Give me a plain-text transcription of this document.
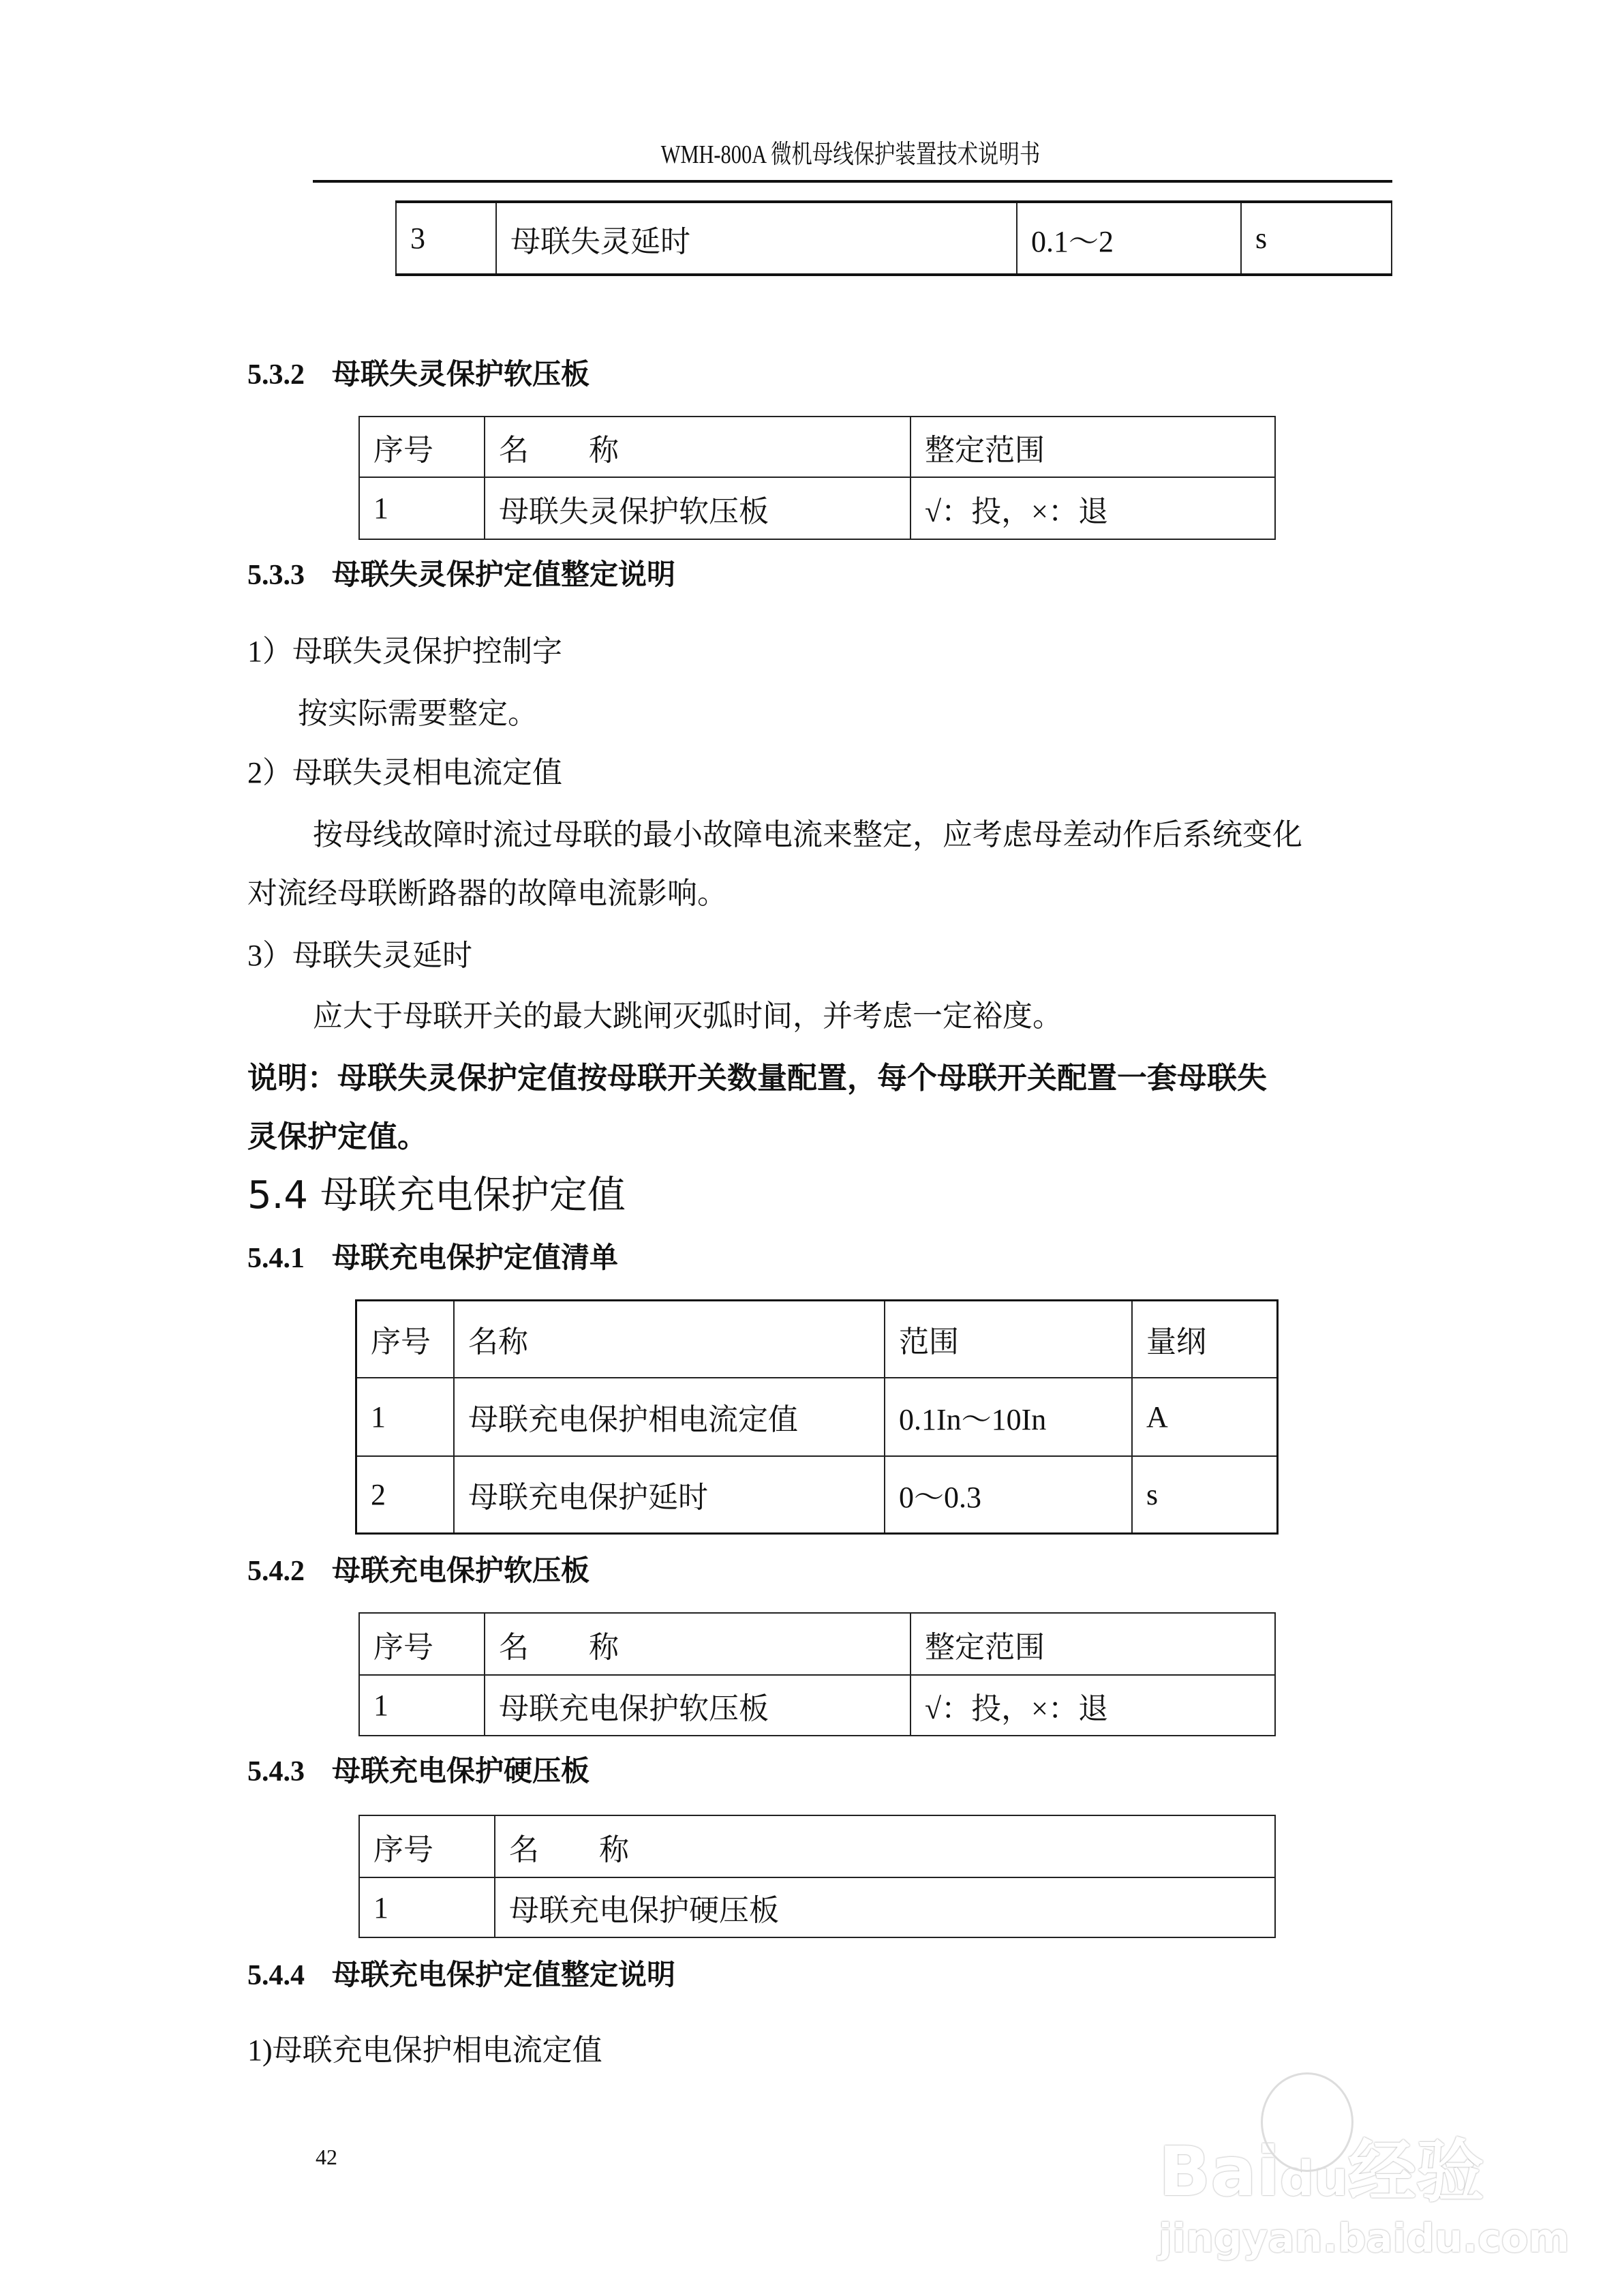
WMH-800A 微机母线保护装置技术说明书
3	母联失灵延时	0.1～2	s
5.3.2 母联失灵保护软压板
序号	名　　称	整定范围
1	母联失灵保护软压板	√：投，×：退
5.3.3 母联失灵保护定值整定说明
1）母联失灵保护控制字
按实际需要整定。
2）母联失灵相电流定值
按母线故障时流过母联的最小故障电流来整定，应考虑母差动作后系统变化
对流经母联断路器的故障电流影响。
3）母联失灵延时
应大于母联开关的最大跳闸灭弧时间，并考虑一定裕度。
说明：母联失灵保护定值按母联开关数量配置，每个母联开关配置一套母联失
灵保护定值。
5.4 母联充电保护定值
5.4.1 母联充电保护定值清单
序号	名称	范围	量纲
1	母联充电保护相电流定值	0.1In～10In	A
2	母联充电保护延时	0～0.3	s
5.4.2 母联充电保护软压板
序号	名　　称	整定范围
1	母联充电保护软压板	√：投，×：退
5.4.3 母联充电保护硬压板
序号	名　　称
1	母联充电保护硬压板
5.4.4 母联充电保护定值整定说明
1)母联充电保护相电流定值
42	Baidu经验
jingyan.baidu.com
